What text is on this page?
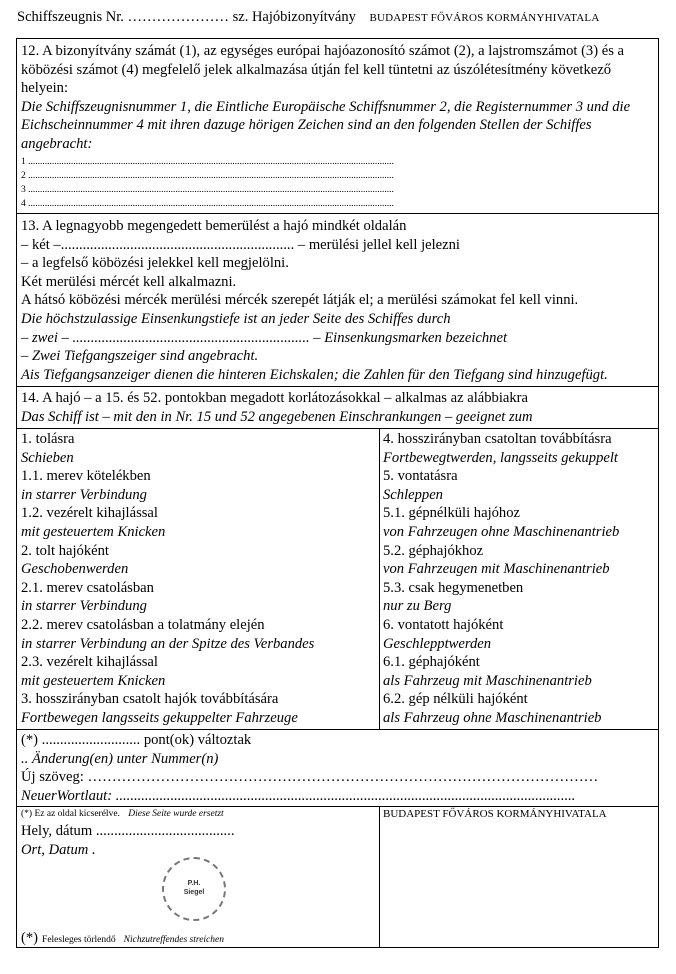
Schiffszeugnis Nr. ………………… sz. Hajóbizonyítvány BUDAPEST FŐVÁROS KORMÁNYHIVATALA
12. A bizonyítvány számát (1), az egységes európai hajóazonosító számot (2), a lajstromszámot (3) és a
köbözési számot (4) megfelelő jelek alkalmazása útján fel kell tüntetni az úszólétesítmény következő
helyein:
Die Schiffszeugnisnummer 1, die Eintliche Europäische Schiffsnummer 2, die Registernummer 3 und die
Eichscheinnummer 4 mit ihren dazuge hörigen Zeichen sind an den folgenden Stellen der Schiffes
angebracht:
1 ..........................................................................................................................................................
2 ..........................................................................................................................................................
3 ..........................................................................................................................................................
4 ..........................................................................................................................................................
13. A legnagyobb megengedett bemerülést a hajó mindkét oldalán
– két –................................................................ – merülési jellel kell jelezni
– a legfelső köbözési jelekkel kell megjelölni.
Két merülési mércét kell alkalmazni.
A hátsó köbözési mércék merülési mércék szerepét látják el; a merülési számokat fel kell vinni.
Die höchstzulassige Einsenkungstiefe ist an jeder Seite des Schiffes durch
– zwei – ................................................................. – Einsenkungsmarken bezeichnet
– Zwei Tiefgangszeiger sind angebracht.
Ais Tiefgangsanzeiger dienen die hinteren Eichskalen; die Zahlen für den Tiefgang sind hinzugefügt.
14. A hajó – a 15. és 52. pontokban megadott korlátozásokkal – alkalmas az alábbiakra
Das Schiff ist – mit den in Nr. 15 und 52 angegebenen Einschrankungen – geeignet zum
1. tolásra
Schieben
1.1. merev kötelékben
in starrer Verbindung
1.2. vezérelt kihajlással
mit gesteuertem Knicken
2. tolt hajóként
Geschobenwerden
2.1. merev csatolásban
in starrer Verbindung
2.2. merev csatolásban a tolatmány elején
in starrer Verbindung an der Spitze des Verbandes
2.3. vezérelt kihajlással
mit gesteuertem Knicken
3. hosszirányban csatolt hajók továbbítására
Fortbewegen langsseits gekuppelter Fahrzeuge
4. hosszirányban csatoltan továbbításra
Fortbewegtwerden, langsseits gekuppelt
5. vontatásra
Schleppen
5.1. gépnélküli hajóhoz
von Fahrzeugen ohne Maschinenantrieb
5.2. géphajókhoz
von Fahrzeugen mit Maschinenantrieb
5.3. csak hegymenetben
nur zu Berg
6. vontatott hajóként
Geschlepptwerden
6.1. géphajóként
als Fahrzeug mit Maschinenantrieb
6.2. gép nélküli hajóként
als Fahrzeug ohne Maschinenantrieb
(*) ........................... pont(ok) változtak
.. Änderung(en) unter Nummer(n)
Új szöveg: ……………………………………………………………………………………………
NeuerWortlaut: ..............................................................................................................................
(*) Ez az oldal kicserélve. Diese Seite wurde ersetzt
Hely, dátum ......................................
Ort, Datum .
BUDAPEST FŐVÁROS KORMÁNYHIVATALA
P.H.
Siegel
(*) Felesleges törlendő Nichzutreffendes streichen
